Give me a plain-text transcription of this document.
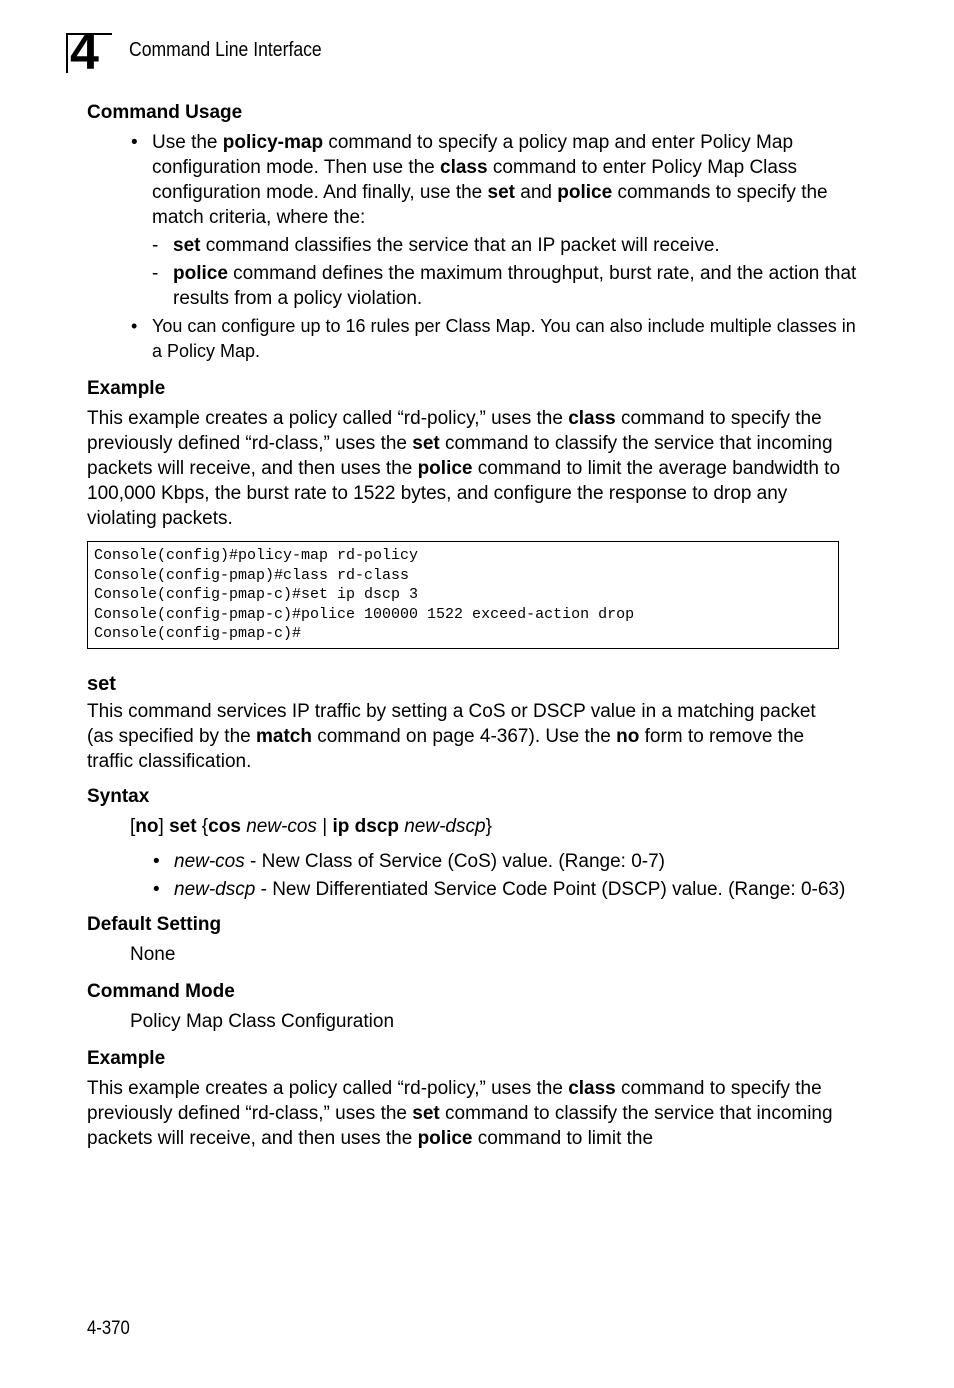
4 Command Line Interface
Command Usage
• Use the policy-map command to specify a policy map and enter Policy Map configuration mode. Then use the class command to enter Policy Map Class configuration mode. And finally, use the set and police commands to specify the match criteria, where the:
- set command classifies the service that an IP packet will receive.
- police command defines the maximum throughput, burst rate, and the action that results from a policy violation.
• You can configure up to 16 rules per Class Map. You can also include multiple classes in a Policy Map.
Example

This example creates a policy called “rd-policy,” uses the class command to specify the previously defined “rd-class,” uses the set command to classify the service that incoming packets will receive, and then uses the police command to limit the average bandwidth to 100,000 Kbps, the burst rate to 1522 bytes, and configure the response to drop any violating packets.

Console(config)#policy-map rd-policy
Console(config-pmap)#class rd-class
Console(config-pmap-c)#set ip dscp 3
Console(config-pmap-c)#police 100000 1522 exceed-action drop
Console(config-pmap-c)#
set

This command services IP traffic by setting a CoS or DSCP value in a matching packet (as specified by the match command on page 4-367). Use the no form to remove the traffic classification.

Syntax

[no] set {cos new-cos | ip dscp new-dscp}

• new-cos - New Class of Service (CoS) value. (Range: 0-7)
• new-dscp - New Differentiated Service Code Point (DSCP) value. (Range: 0-63)
Default Setting

None

Command Mode

Policy Map Class Configuration

Example

This example creates a policy called “rd-policy,” uses the class command to specify the previously defined “rd-class,” uses the set command to classify the service that incoming packets will receive, and then uses the police command to limit the

4-370
